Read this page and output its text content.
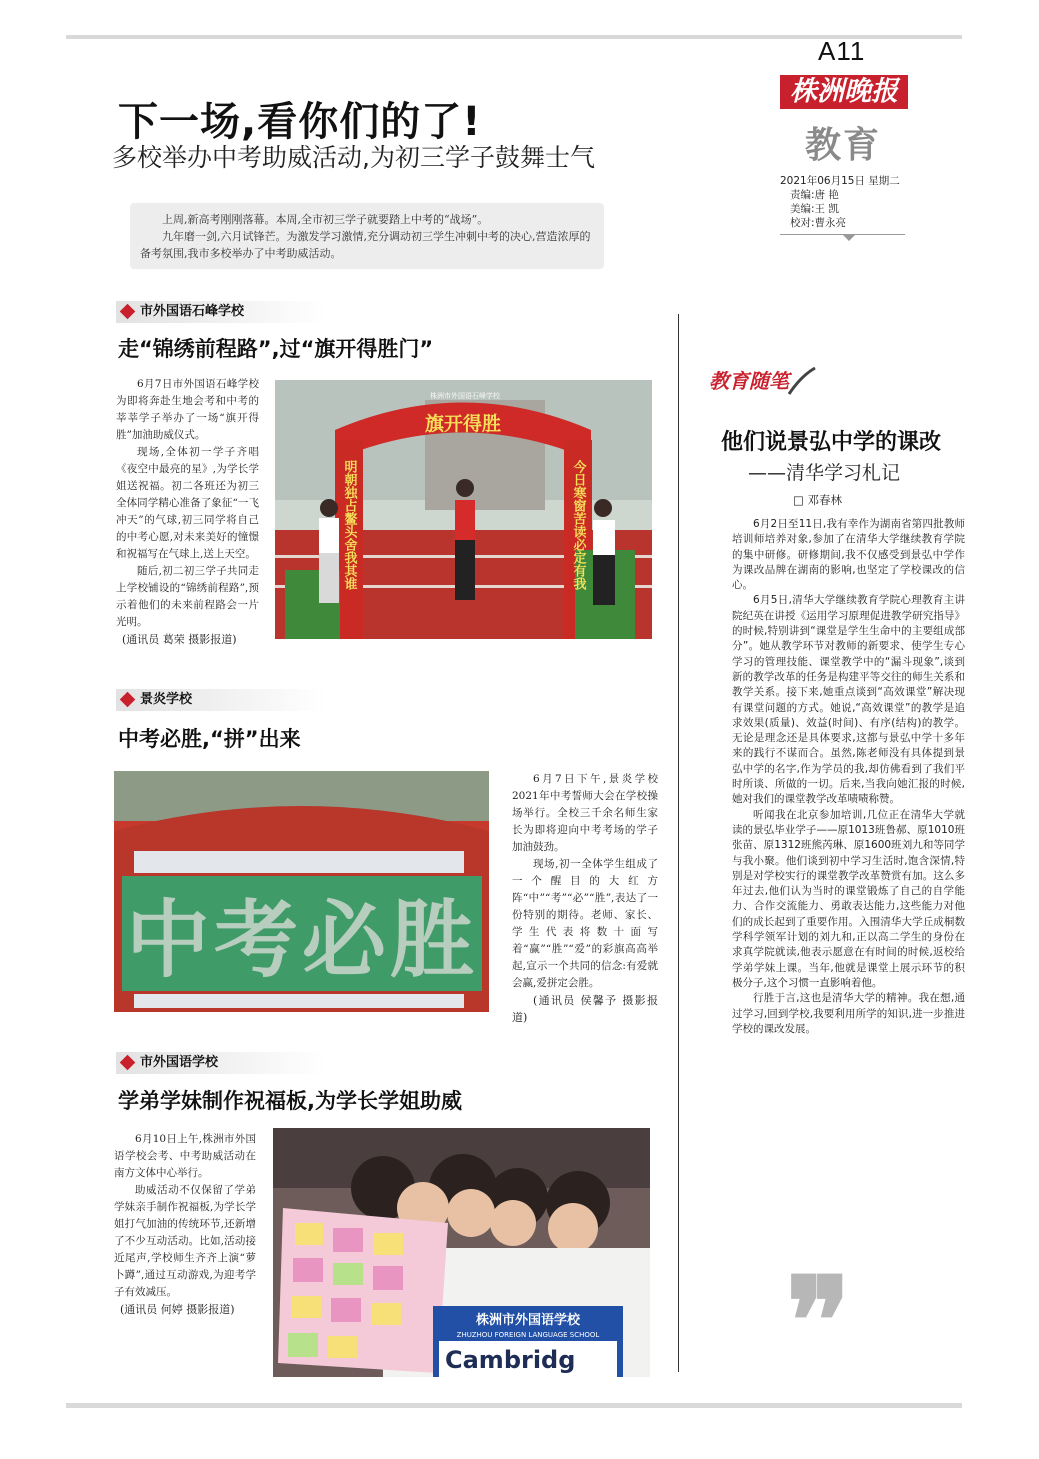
A11
株洲晚报
教育
2021年06月15日 星期二
责编:唐 艳
美编:王 凯
校对:曹永亮
下一场,看你们的了!
多校举办中考助威活动,为初三学子鼓舞士气

上周,新高考刚刚落幕。本周,全市初三学子就要踏上中考的“战场”。

九年磨一剑,六月试锋芒。为激发学习激情,充分调动初三学生冲刺中考的决心,营造浓厚的备考氛围,我市多校举办了中考助威活动。

市外国语石峰学校
走“锦绣前程路”,过“旗开得胜门”

6月7日市外国语石峰学校为即将奔赴生地会考和中考的莘莘学子举办了一场“旗开得胜”加油助威仪式。

现场,全体初一学子齐唱《夜空中最亮的星》,为学长学姐送祝福。初二各班还为初三全体同学精心准备了象征“一飞冲天”的气球,初三同学将自己的中考心愿,对未来美好的憧憬和祝福写在气球上,送上天空。

随后,初二初三学子共同走上学校铺设的“锦绣前程路”,预示着他们的未来前程路会一片光明。

(通讯员 葛荣 摄影报道)
旗开得胜
株洲市外国语石峰学校
明朝独占鳌头舍我其谁	今日寒窗苦读必定有我
景炎学校
中考必胜,“拼”出来
中考必胜

6月7日下午,景炎学校2021年中考誓师大会在学校操场举行。全校三千余名师生家长为即将迎向中考考场的学子加油鼓劲。

现场,初一全体学生组成了一个醒目的大红方阵“中”“考”“必”“胜”,表达了一份特别的期待。老师、家长、学生代表将数十面写着“赢”“胜”“爱”的彩旗高高举起,宣示一个共同的信念:有爱就会赢,爱拼定会胜。

(通讯员 侯馨予 摄影报道)
市外国语学校
学弟学妹制作祝福板,为学长学姐助威

6月10日上午,株洲市外国语学校会考、中考助威活动在南方文体中心举行。

助威活动不仅保留了学弟学妹亲手制作祝福板,为学长学姐打气加油的传统环节,还新增了不少互动活动。比如,活动接近尾声,学校师生齐齐上演“萝卜蹲”,通过互动游戏,为迎考学子有效减压。

(通讯员 何婷 摄影报道)
株洲市外国语学校
ZHUZHOU FOREIGN LANGUAGE SCHOOL
Cambridg
教育随笔
他们说景弘中学的课改
——清华学习札记
□ 邓春林

6月2日至11日,我有幸作为湖南省第四批教师培训师培养对象,参加了在清华大学继续教育学院的集中研修。研修期间,我不仅感受到景弘中学作为课改品牌在湖南的影响,也坚定了学校课改的信心。

6月5日,清华大学继续教育学院心理教育主讲院纪英在讲授《运用学习原理促进教学研究指导》的时候,特别讲到“课堂是学生生命中的主要组成部分”。她从教学环节对教师的新要求、使学生专心学习的管理技能、课堂教学中的“漏斗现象”,谈到新的教学改革的任务是构建平等交往的师生关系和教学关系。接下来,她重点谈到“高效课堂”解决现有课堂问题的方式。她说,“高效课堂”的教学是追求效果(质量)、效益(时间)、有序(结构)的教学。无论是理念还是具体要求,这都与景弘中学十多年来的践行不谋而合。虽然,陈老师没有具体提到景弘中学的名字,作为学员的我,却仿佛看到了我们平时所谈、所做的一切。后来,当我向她汇报的时候,她对我们的课堂教学改革啧啧称赞。

听闻我在北京参加培训,几位正在清华大学就读的景弘毕业学子——原1013班鲁郝、原1010班张苗、原1312班熊芮琳、原1600班刘九和等同学与我小聚。他们谈到初中学习生活时,饱含深情,特别是对学校实行的课堂教学改革赞赏有加。这么多年过去,他们认为当时的课堂锻炼了自己的自学能力、合作交流能力、勇敢表达能力,这些能力对他们的成长起到了重要作用。入围清华大学丘成桐数学科学领军计划的刘九和,正以高二学生的身份在求真学院就读,他表示愿意在有时间的时候,返校给学弟学妹上课。当年,他就是课堂上展示环节的积极分子,这个习惯一直影响着他。

行胜于言,这也是清华大学的精神。我在想,通过学习,回到学校,我要利用所学的知识,进一步推进学校的课改发展。

❞
